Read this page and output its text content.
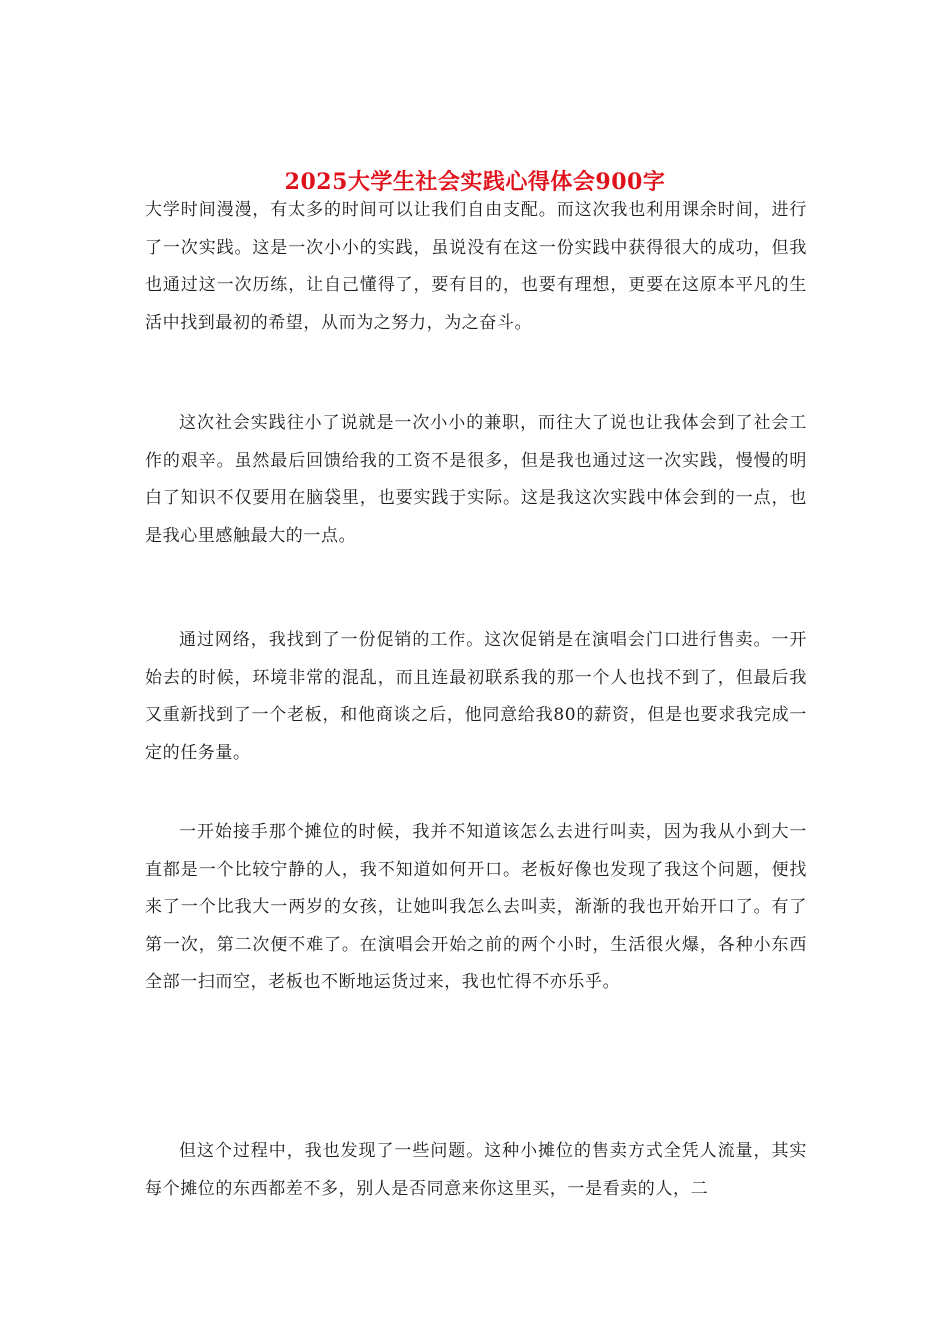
2025大学生社会实践心得体会900字

大学时间漫漫，有太多的时间可以让我们自由支配。而这次我也利用课余时间，进行了一次实践。这是一次小小的实践，虽说没有在这一份实践中获得很大的成功，但我也通过这一次历练，让自己懂得了，要有目的，也要有理想，更要在这原本平凡的生活中找到最初的希望，从而为之努力，为之奋斗。

这次社会实践往小了说就是一次小小的兼职，而往大了说也让我体会到了社会工作的艰辛。虽然最后回馈给我的工资不是很多，但是我也通过这一次实践，慢慢的明白了知识不仅要用在脑袋里，也要实践于实际。这是我这次实践中体会到的一点，也是我心里感触最大的一点。

通过网络，我找到了一份促销的工作。这次促销是在演唱会门口进行售卖。一开始去的时候，环境非常的混乱，而且连最初联系我的那一个人也找不到了，但最后我又重新找到了一个老板，和他商谈之后，他同意给我80的薪资，但是也要求我完成一定的任务量。

一开始接手那个摊位的时候，我并不知道该怎么去进行叫卖，因为我从小到大一直都是一个比较宁静的人，我不知道如何开口。老板好像也发现了我这个问题，便找来了一个比我大一两岁的女孩，让她叫我怎么去叫卖，渐渐的我也开始开口了。有了第一次，第二次便不难了。在演唱会开始之前的两个小时，生活很火爆，各种小东西全部一扫而空，老板也不断地运货过来，我也忙得不亦乐乎。

但这个过程中，我也发现了一些问题。这种小摊位的售卖方式全凭人流量，其实每个摊位的东西都差不多，别人是否同意来你这里买，一是看卖的人，二
